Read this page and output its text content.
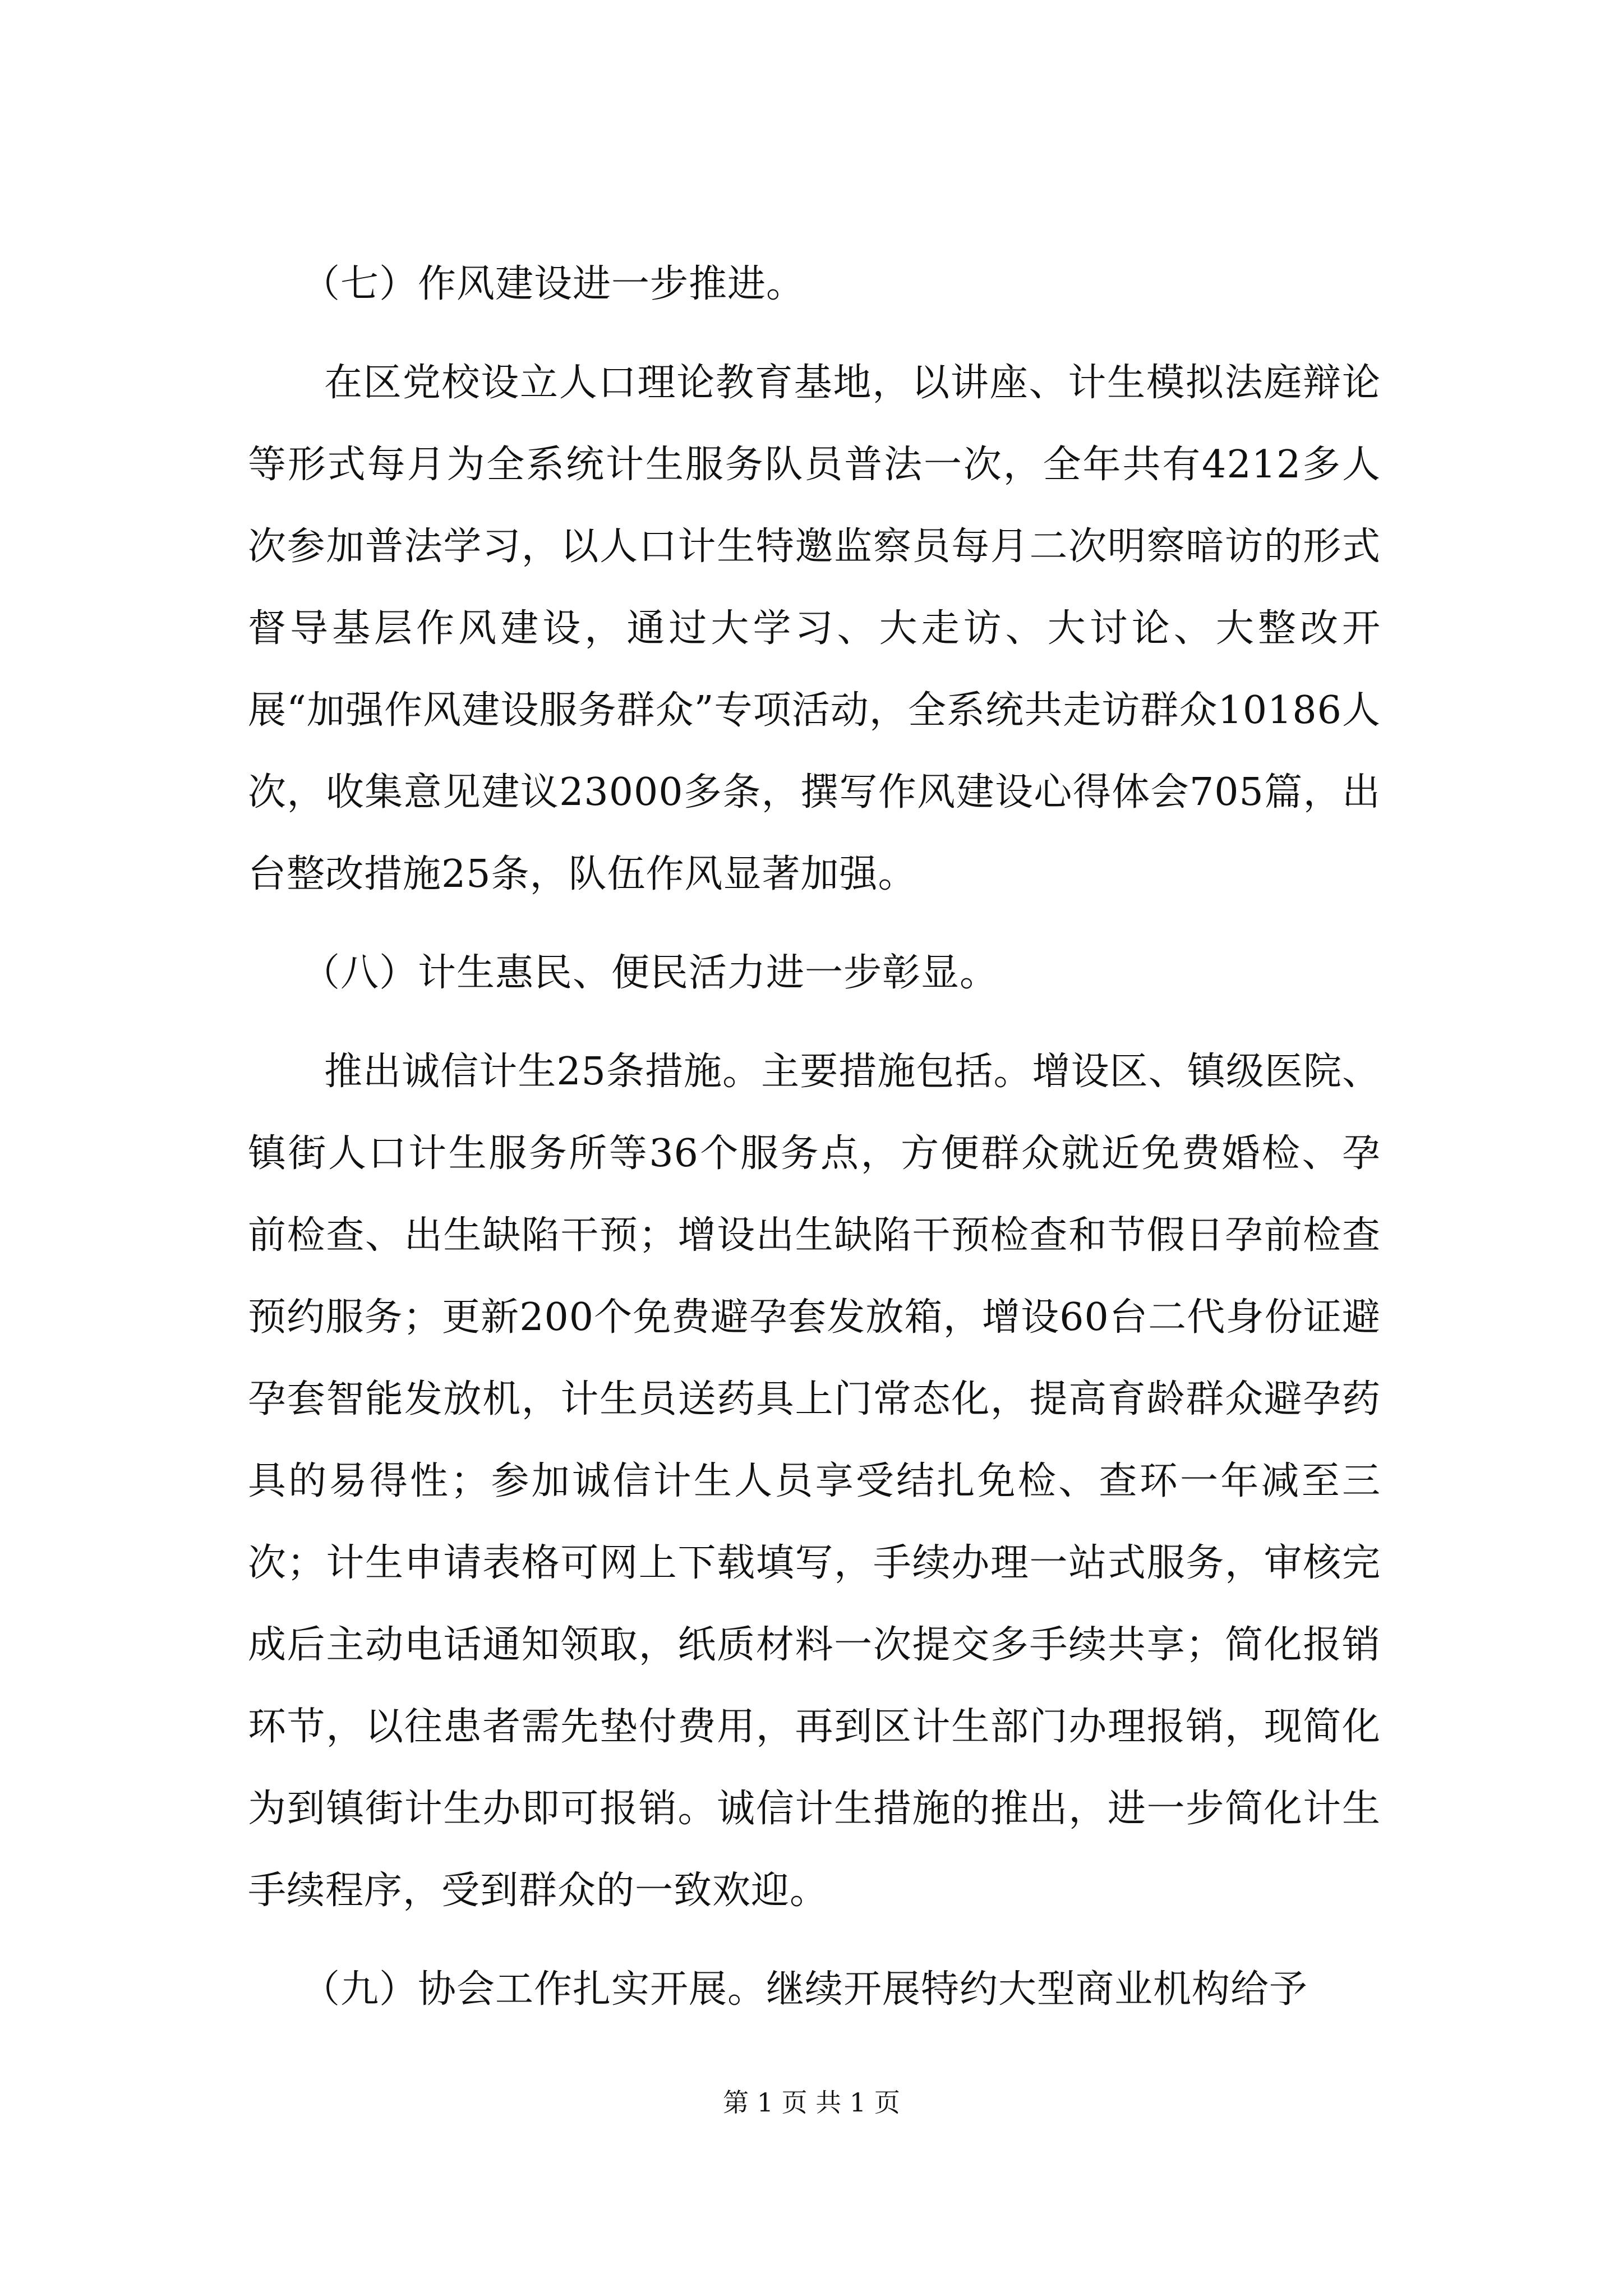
（七）作风建设进一步推进。

在区党校设立人口理论教育基地，以讲座、计生模拟法庭辩论等形式每月为全系统计生服务队员普法一次，全年共有4212多人次参加普法学习，以人口计生特邀监察员每月二次明察暗访的形式督导基层作风建设，通过大学习、大走访、大讨论、大整改开展“加强作风建设服务群众”专项活动，全系统共走访群众10186人次，收集意见建议23000多条，撰写作风建设心得体会705篇，出台整改措施25条，队伍作风显著加强。

（八）计生惠民、便民活力进一步彰显。

推出诚信计生25条措施。主要措施包括。增设区、镇级医院、镇街人口计生服务所等36个服务点，方便群众就近免费婚检、孕前检查、出生缺陷干预；增设出生缺陷干预检查和节假日孕前检查预约服务；更新200个免费避孕套发放箱，增设60台二代身份证避孕套智能发放机，计生员送药具上门常态化，提高育龄群众避孕药具的易得性；参加诚信计生人员享受结扎免检、查环一年减至三次；计生申请表格可网上下载填写，手续办理一站式服务，审核完成后主动电话通知领取，纸质材料一次提交多手续共享；简化报销环节，以往患者需先垫付费用，再到区计生部门办理报销，现简化为到镇街计生办即可报销。诚信计生措施的推出，进一步简化计生手续程序，受到群众的一致欢迎。

（九）协会工作扎实开展。继续开展特约大型商业机构给予

第 1 页 共 1 页
